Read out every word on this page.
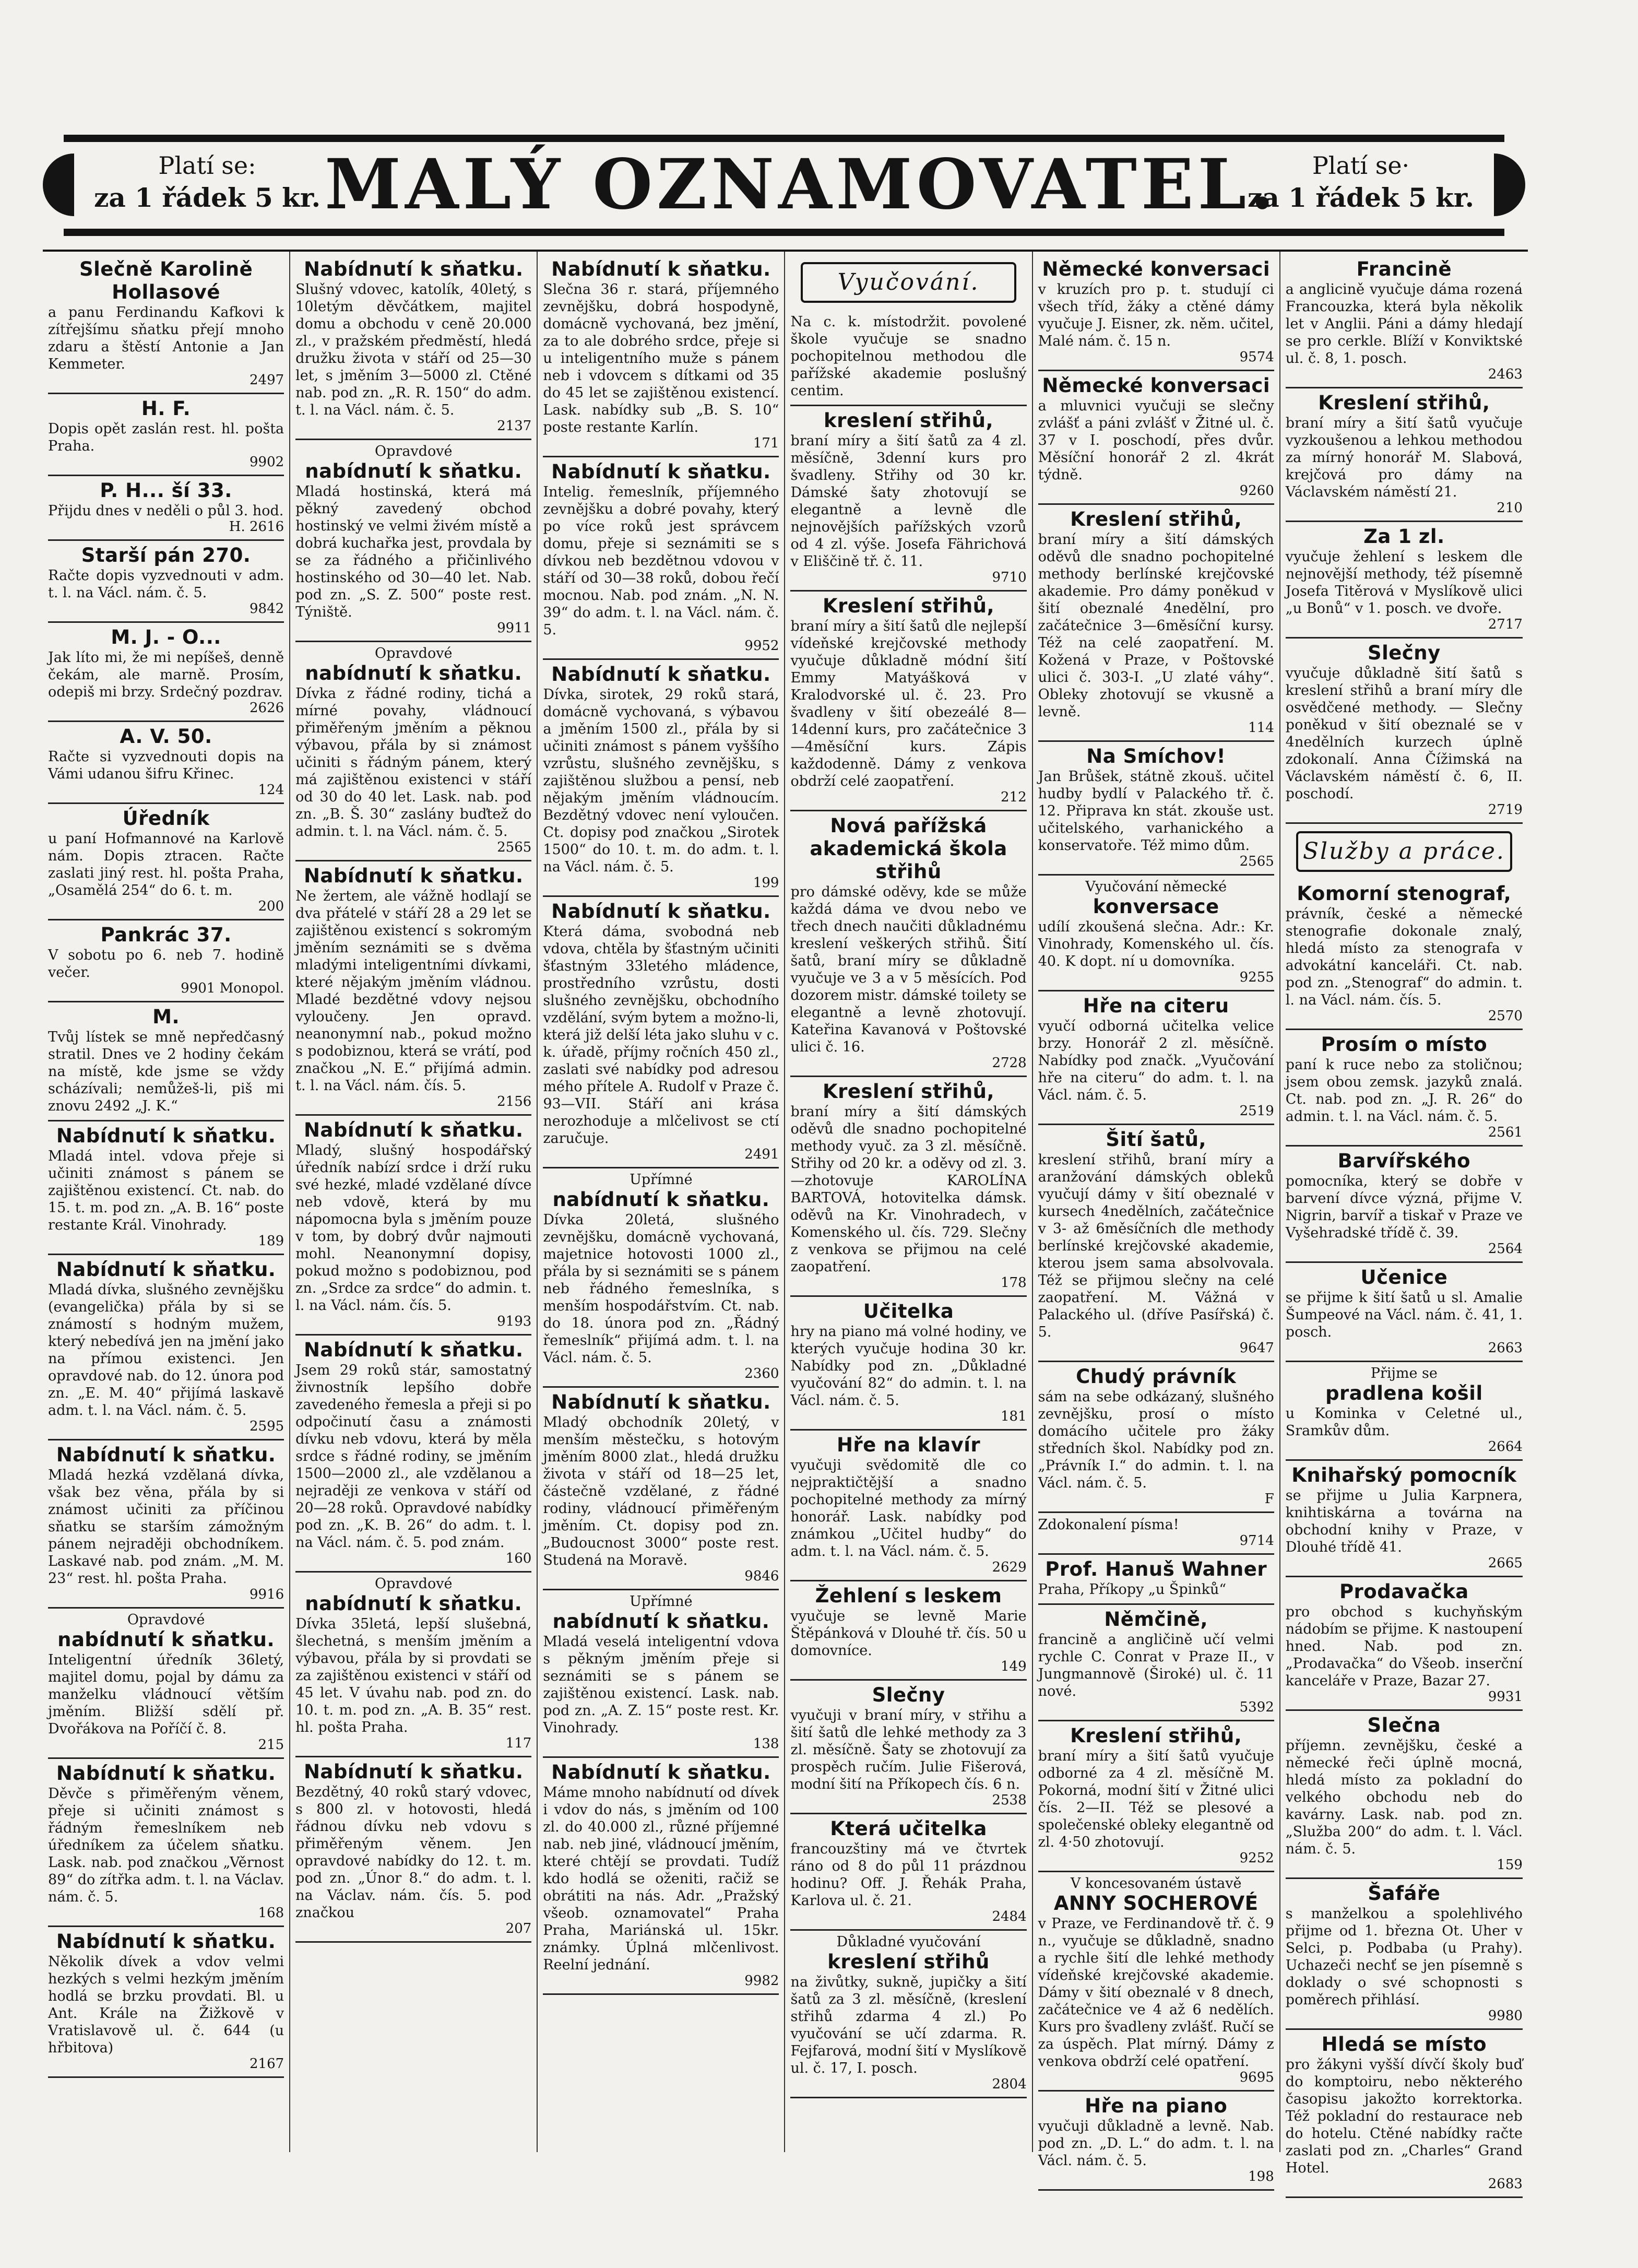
Platí se:
za 1 řádek 5 kr. MALÝ OZNAMOVATEL.	Platí se·
za 1 řádek 5 kr.
Slečně Karolině Hollasové
a panu Ferdinandu Kafkovi k zítřejšímu sňatku přejí mnoho zdaru a štěstí Antonie a Jan Kemmeter.
2497
H. F.
Dopis opět zaslán rest. hl. pošta Praha.
9902
P. H... ší 33.
Přijdu dnes v neděli o půl 3. hod.
H. 2616
Starší pán 270.
Račte dopis vyzvednouti v adm. t. l. na Václ. nám. č. 5.
9842
M. J. - O...
Jak líto mi, že mi nepíšeš, denně čekám, ale marně. Prosím, odepiš mi brzy. Srdečný pozdrav.
2626
A. V. 50.
Račte si vyzvednouti dopis na Vámi udanou šifru Křinec.
124
Úředník
u paní Hofmannové na Karlově nám. Dopis ztracen. Račte zaslati jiný rest. hl. pošta Praha, „Osamělá 254“ do 6. t. m.
200
Pankrác 37.
V sobotu po 6. neb 7. hodině večer.
9901 Monopol.
M.
Tvůj lístek se mně nepředčasný stratil. Dnes ve 2 hodiny čekám na místě, kde jsme se vždy scházívali; nemůžeš-li, piš mi znovu 2492 „J. K.“
Nabídnutí k sňatku.
Mladá intel. vdova přeje si učiniti známost s pánem se zajištěnou existencí. Ct. nab. do 15. t. m. pod zn. „A. B. 16“ poste restante Král. Vinohrady.
189
Nabídnutí k sňatku.
Mladá dívka, slušného zevnějšku (evangelička) přála by si se známostí s hodným mužem, který nebedívá jen na jmění jako na přímou existenci. Jen opravdové nab. do 12. února pod zn. „E. M. 40“ přijímá laskavě adm. t. l. na Václ. nám. č. 5.
2595
Nabídnutí k sňatku.
Mladá hezká vzdělaná dívka, však bez věna, přála by si známost učiniti za příčinou sňatku se starším zámožným pánem nejraději obchodníkem. Laskavé nab. pod znám. „M. M. 23“ rest. hl. pošta Praha.
9916
Opravdové
nabídnutí k sňatku.
Inteligentní úředník 36letý, majitel domu, pojal by dámu za manželku vládnoucí větším jměním. Bližší sdělí př. Dvořákova na Poříčí č. 8.
215
Nabídnutí k sňatku.
Děvče s přiměřeným věnem, přeje si učiniti známost s řádným řemeslníkem neb úředníkem za účelem sňatku. Lask. nab. pod značkou „Věrnost 89“ do zítřka adm. t. l. na Václav. nám. č. 5.
168
Nabídnutí k sňatku.
Několik dívek a vdov velmi hezkých s velmi hezkým jměním hodlá se brzku provdati. Bl. u Ant. Krále na Žižkově v Vratislavově ul. č. 644 (u hřbitova)
2167
Nabídnutí k sňatku.
Slušný vdovec, katolík, 40letý, s 10letým děvčátkem, majitel domu a obchodu v ceně 20.000 zl., v pražském předměstí, hledá družku života v stáří od 25—30 let, s jměním 3—5000 zl. Ctěné nab. pod zn. „R. R. 150“ do adm. t. l. na Václ. nám. č. 5.
2137
Opravdové
nabídnutí k sňatku.
Mladá hostinská, která má pěkný zavedený obchod hostinský ve velmi živém místě a dobrá kuchařka jest, provdala by se za řádného a přičinlivého hostinského od 30—40 let. Nab. pod zn. „S. Z. 500“ poste rest. Týniště.
9911
Opravdové
nabídnutí k sňatku.
Dívka z řádné rodiny, tichá a mírné povahy, vládnoucí přiměřeným jměním a pěknou výbavou, přála by si známost učiniti s řádným pánem, který má zajištěnou existenci v stáří od 30 do 40 let. Lask. nab. pod zn. „B. Š. 30“ zaslány buďtež do admin. t. l. na Václ. nám. č. 5.
2565
Nabídnutí k sňatku.
Ne žertem, ale vážně hodlají se dva přátelé v stáří 28 a 29 let se zajištěnou existencí s sokromým jměním seznámiti se s dvěma mladými inteligentními dívkami, které nějakým jměním vládnou. Mladé bezdětné vdovy nejsou vyloučeny. Jen opravd. neanonymní nab., pokud možno s podobiznou, která se vrátí, pod značkou „N. E.“ přijímá admin. t. l. na Václ. nám. čís. 5.
2156
Nabídnutí k sňatku.
Mladý, slušný hospodářský úředník nabízí srdce i drží ruku své hezké, mladé vzdělané dívce neb vdově, která by mu nápomocna byla s jměním pouze v tom, by dobrý dvůr najmouti mohl. Neanonymní dopisy, pokud možno s podobiznou, pod zn. „Srdce za srdce“ do admin. t. l. na Václ. nám. čís. 5.
9193
Nabídnutí k sňatku.
Jsem 29 roků stár, samostatný živnostník lepšího dobře zavedeného řemesla a přeji si po odpočinutí času a známosti dívku neb vdovu, která by měla srdce s řádné rodiny, se jměním 1500—2000 zl., ale vzdělanou a nejraději ze venkova v stáří od 20—28 roků. Opravdové nabídky pod zn. „K. B. 26“ do adm. t. l. na Václ. nám. č. 5. pod znám.
160
Opravdové
nabídnutí k sňatku.
Dívka 35letá, lepší slušebná, šlechetná, s menším jměním a výbavou, přála by si provdati se za zajištěnou existenci v stáří od 45 let. V úvahu nab. pod zn. do 10. t. m. pod zn. „A. B. 35“ rest. hl. pošta Praha.
117
Nabídnutí k sňatku.
Bezdětný, 40 roků starý vdovec, s 800 zl. v hotovosti, hledá řádnou dívku neb vdovu s přiměřeným věnem. Jen opravdové nabídky do 12. t. m. pod zn. „Únor 8.“ do adm. t. l. na Václav. nám. čís. 5. pod značkou
207
Nabídnutí k sňatku.
Slečna 36 r. stará, příjemného zevnějšku, dobrá hospodyně, domácně vychovaná, bez jmění, za to ale dobrého srdce, přeje si u inteligentního muže s pánem neb i vdovcem s dítkami od 35 do 45 let se zajištěnou existencí. Lask. nabídky sub „B. S. 10“ poste restante Karlín.
171
Nabídnutí k sňatku.
Intelig. řemeslník, příjemného zevnějšku a dobré povahy, který po více roků jest správcem domu, přeje si seznámiti se s dívkou neb bezdětnou vdovou v stáří od 30—38 roků, dobou řečí mocnou. Nab. pod znám. „N. N. 39“ do adm. t. l. na Václ. nám. č. 5.
9952
Nabídnutí k sňatku.
Dívka, sirotek, 29 roků stará, domácně vychovaná, s výbavou a jměním 1500 zl., přála by si učiniti známost s pánem vyššího vzrůstu, slušného zevnějšku, s zajištěnou službou a pensí, neb nějakým jměním vládnoucím. Bezdětný vdovec není vyloučen. Ct. dopisy pod značkou „Sirotek 1500“ do 10. t. m. do adm. t. l. na Václ. nám. č. 5.
199
Nabídnutí k sňatku.
Která dáma, svobodná neb vdova, chtěla by šťastným učiniti šťastným 33letého mládence, prostředního vzrůstu, dosti slušného zevnějšku, obchodního vzdělání, svým bytem a možno-li, která již delší léta jako sluhu v c. k. úřadě, příjmy ročních 450 zl., zaslati své nabídky pod adresou mého přítele A. Rudolf v Praze č. 93—VII. Stáří ani krása nerozhoduje a mlčelivost se ctí zaručuje.
2491
Upřímné
nabídnutí k sňatku.
Dívka 20letá, slušného zevnějšku, domácně vychovaná, majetnice hotovosti 1000 zl., přála by si seznámiti se s pánem neb řádného řemeslníka, s menším hospodářstvím. Ct. nab. do 18. února pod zn. „Řádný řemeslník“ přijímá adm. t. l. na Václ. nám. č. 5.
2360
Nabídnutí k sňatku.
Mladý obchodník 20letý, v menším městečku, s hotovým jměním 8000 zlat., hledá družku života v stáří od 18—25 let, částečně vzdělané, z řádné rodiny, vládnoucí přiměřeným jměním. Ct. dopisy pod zn. „Budoucnost 3000“ poste rest. Studená na Moravě.
9846
Upřímné
nabídnutí k sňatku.
Mladá veselá inteligentní vdova s pěkným jměním přeje si seznámiti se s pánem se zajištěnou existencí. Lask. nab. pod zn. „A. Z. 15“ poste rest. Kr. Vinohrady.
138
Nabídnutí k sňatku.
Máme mnoho nabídnutí od dívek i vdov do nás, s jměním od 100 zl. do 40.000 zl., různé příjemné nab. neb jiné, vládnoucí jměním, které chtějí se provdati. Tudíž kdo hodlá se oženiti, račiž se obrátiti na nás. Adr. „Pražský všeob. oznamovatel“ Praha Praha, Mariánská ul. 15kr. známky. Úplná mlčenlivost. Reelní jednání.
9982
Vyučování.
Na c. k. místodržit. povolené škole vyučuje se snadno pochopitelnou methodou dle pařížské akademie poslušný centim.
kreslení střihů,
braní míry a šití šatů za 4 zl. měsíčně, 3denní kurs pro švadleny. Střihy od 30 kr. Dámské šaty zhotovují se elegantně a levně dle nejnovějších pařížských vzorů od 4 zl. výše. Josefa Fährichová v Eliščině tř. č. 11.
9710
Kreslení střihů,
braní míry a šití šatů dle nejlepší vídeňské krejčovské methody vyučuje důkladně módní šití Emmy Matyášková v Kralodvorské ul. č. 23. Pro švadleny v šití obezeálé 8—14denní kurs, pro začátečnice 3—4měsíční kurs. Zápis každodenně. Dámy z venkova obdrží celé zaopatření.
212
Nová pařížská akademická škola střihů
pro dámské oděvy, kde se může každá dáma ve dvou nebo ve třech dnech naučiti důkladnému kreslení veškerých střihů. Šití šatů, braní míry se důkladně vyučuje ve 3 a v 5 měsících. Pod dozorem mistr. dámské toilety se elegantně a levně zhotovují. Kateřina Kavanová v Poštovské ulici č. 16.
2728
Kreslení střihů,
braní míry a šití dámských oděvů dle snadno pochopitelné methody vyuč. za 3 zl. měsíčně. Střihy od 20 kr. a oděvy od zl. 3.—zhotovuje KAROLÍNA BARTOVÁ, hotovitelka dámsk. oděvů na Kr. Vinohradech, v Komenského ul. čís. 729. Slečny z venkova se přijmou na celé zaopatření.
178
Učitelka
hry na piano má volné hodiny, ve kterých vyučuje hodina 30 kr. Nabídky pod zn. „Důkladné vyučování 82“ do admin. t. l. na Václ. nám. č. 5.
181
Hře na klavír
vyučuji svědomitě dle co nejpraktičtější a snadno pochopitelné methody za mírný honorář. Lask. nabídky pod známkou „Učitel hudby“ do adm. t. l. na Václ. nám. č. 5.
2629
Žehlení s leskem
vyučuje se levně Marie Štěpánková v Dlouhé tř. čís. 50 u domovníce.
149
Slečny
vyučuji v braní míry, v střihu a šití šatů dle lehké methody za 3 zl. měsíčně. Šaty se zhotovují za prospěch ručím. Julie Fišerová, modní šití na Příkopech čís. 6 n.
2538
Která učitelka
francouzštiny má ve čtvrtek ráno od 8 do půl 11 prázdnou hodinu? Off. J. Řehák Praha, Karlova ul. č. 21.
2484
Důkladné vyučování
kreslení střihů
na živůtky, sukně, jupičky a šití šatů za 3 zl. měsíčně, (kreslení střihů zdarma 4 zl.) Po vyučování se učí zdarma. R. Fejfarová, modní šití v Myslíkově ul. č. 17, I. posch.
2804
Německé konversaci
v kruzích pro p. t. studují ci všech tříd, žáky a ctěné dámy vyučuje J. Eisner, zk. něm. učitel, Malé nám. č. 15 n.
9574
Německé konversaci
a mluvnici vyučuji se slečny zvlášť a páni zvlášť v Žitné ul. č. 37 v I. poschodí, přes dvůr. Měsíční honorář 2 zl. 4krát týdně.
9260
Kreslení střihů,
braní míry a šití dámských oděvů dle snadno pochopitelné methody berlínské krejčovské akademie. Pro dámy poněkud v šití obeznalé 4nedělní, pro začátečnice 3—6měsíční kursy. Též na celé zaopatření. M. Kožená v Praze, v Poštovské ulici č. 303-I. „U zlaté váhy“. Obleky zhotovují se vkusně a levně.
114
Na Smíchov!
Jan Brůšek, státně zkouš. učitel hudby bydlí v Palackého tř. č. 12. Připrava kn stát. zkouše ust. učitelského, varhanického a konservatoře. Též mimo dům.
2565
Vyučování německé
konversace
udílí zkoušená slečna. Adr.: Kr. Vinohrady, Komenského ul. čís. 40. K dopt. ní u domovníka.
9255
Hře na citeru
vyučí odborná učitelka velice brzy. Honorář 2 zl. měsíčně. Nabídky pod značk. „Vyučování hře na citeru“ do adm. t. l. na Václ. nám. č. 5.
2519
Šití šatů,
kreslení střihů, braní míry a aranžování dámských obleků vyučují dámy v šití obeznalé v kursech 4nedělních, začátečnice v 3- až 6měsíčních dle methody berlínské krejčovské akademie, kterou jsem sama absolvovala. Též se přijmou slečny na celé zaopatření. M. Vážná v Palackého ul. (dříve Pasířská) č. 5.
9647
Chudý právník
sám na sebe odkázaný, slušného zevnějšku, prosí o místo domácího učitele pro žáky středních škol. Nabídky pod zn. „Právník I.“ do admin. t. l. na Václ. nám. č. 5.
F
Zdokonalení písma!
9714
Prof. Hanuš Wahner
Praha, Příkopy „u Špinků“
Němčině,
francině a angličině učí velmi rychle C. Conrat v Praze II., v Jungmannově (Široké) ul. č. 11 nové.
5392
Kreslení střihů,
braní míry a šití šatů vyučuje odborné za 4 zl. měsíčně M. Pokorná, modní šití v Žitné ulici čís. 2—II. Též se plesové a společenské obleky elegantně od zl. 4·50 zhotovují.
9252
V koncesovaném ústavě
ANNY SOCHEROVÉ
v Praze, ve Ferdinandově tř. č. 9 n., vyučuje se důkladně, snadno a rychle šití dle lehké methody vídeňské krejčovské akademie. Dámy v šití obeznalé v 8 dnech, začátečnice ve 4 až 6 nedělích. Kurs pro švadleny zvlášť. Ručí se za úspěch. Plat mírný. Dámy z venkova obdrží celé opatření.
9695
Hře na piano
vyučuji důkladně a levně. Nab. pod zn. „D. L.“ do adm. t. l. na Václ. nám. č. 5.
198
Francině
a anglicině vyučuje dáma rozená Francouzka, která byla několik let v Anglii. Páni a dámy hledají se pro cerkle. Blíží v Konviktské ul. č. 8, 1. posch.
2463
Kreslení střihů,
braní míry a šití šatů vyučuje vyzkoušenou a lehkou methodou za mírný honorář M. Slabová, krejčová pro dámy na Václavském náměstí 21.
210
Za 1 zl.
vyučuje žehlení s leskem dle nejnovější methody, též písemně Josefa Titěrová v Myslíkově ulici „u Bonů“ v 1. posch. ve dvoře.
2717
Slečny
vyučuje důkladně šití šatů s kreslení střihů a braní míry dle osvědčené methody. — Slečny poněkud v šití obeznalé se v 4nedělních kurzech úplně zdokonalí. Anna Čížimská na Václavském náměstí č. 6, II. poschodí.
2719
Služby a práce.
Komorní stenograf,
právník, české a německé stenografie dokonale znalý, hledá místo za stenografa v advokátní kanceláři. Ct. nab. pod zn. „Stenograf“ do admin. t. l. na Václ. nám. čís. 5.
2570
Prosím o místo
paní k ruce nebo za stoličnou; jsem obou zemsk. jazyků znalá. Ct. nab. pod zn. „J. R. 26“ do admin. t. l. na Václ. nám. č. 5.
2561
Barvířského
pomocníka, který se dobře v barvení dívce význá, přijme V. Nigrin, barvíř a tiskař v Praze ve Vyšehradské třídě č. 39.
2564
Učenice
se přijme k šití šatů u sl. Amalie Šumpeové na Václ. nám. č. 41, 1. posch.
2663
Přijme se
pradlena košil
u Kominka v Celetné ul., Sramkův dům.
2664
Knihařský pomocník
se přijme u Julia Karpnera, knihtiskárna a továrna na obchodní knihy v Praze, v Dlouhé třídě 41.
2665
Prodavačka
pro obchod s kuchyňským nádobím se přijme. K nastoupení hned. Nab. pod zn. „Prodavačka“ do Všeob. inserční kanceláře v Praze, Bazar 27.
9931
Slečna
příjemn. zevnějšku, české a německé řeči úplně mocná, hledá místo za pokladní do velkého obchodu neb do kavárny. Lask. nab. pod zn. „Služba 200“ do adm. t. l. Václ. nám. č. 5.
159
Šafáře
s manželkou a spolehlivého přijme od 1. března Ot. Uher v Selci, p. Podbaba (u Prahy). Uchazeči nechť se jen písemně s doklady o své schopnosti s poměrech přihlásí.
9980
Hledá se místo
pro žákyni vyšší dívčí školy buď do komptoiru, nebo některého časopisu jakožto korrektorka. Též pokladní do restaurace neb do hotelu. Ctěné nabídky račte zaslati pod zn. „Charles“ Grand Hotel.
2683
